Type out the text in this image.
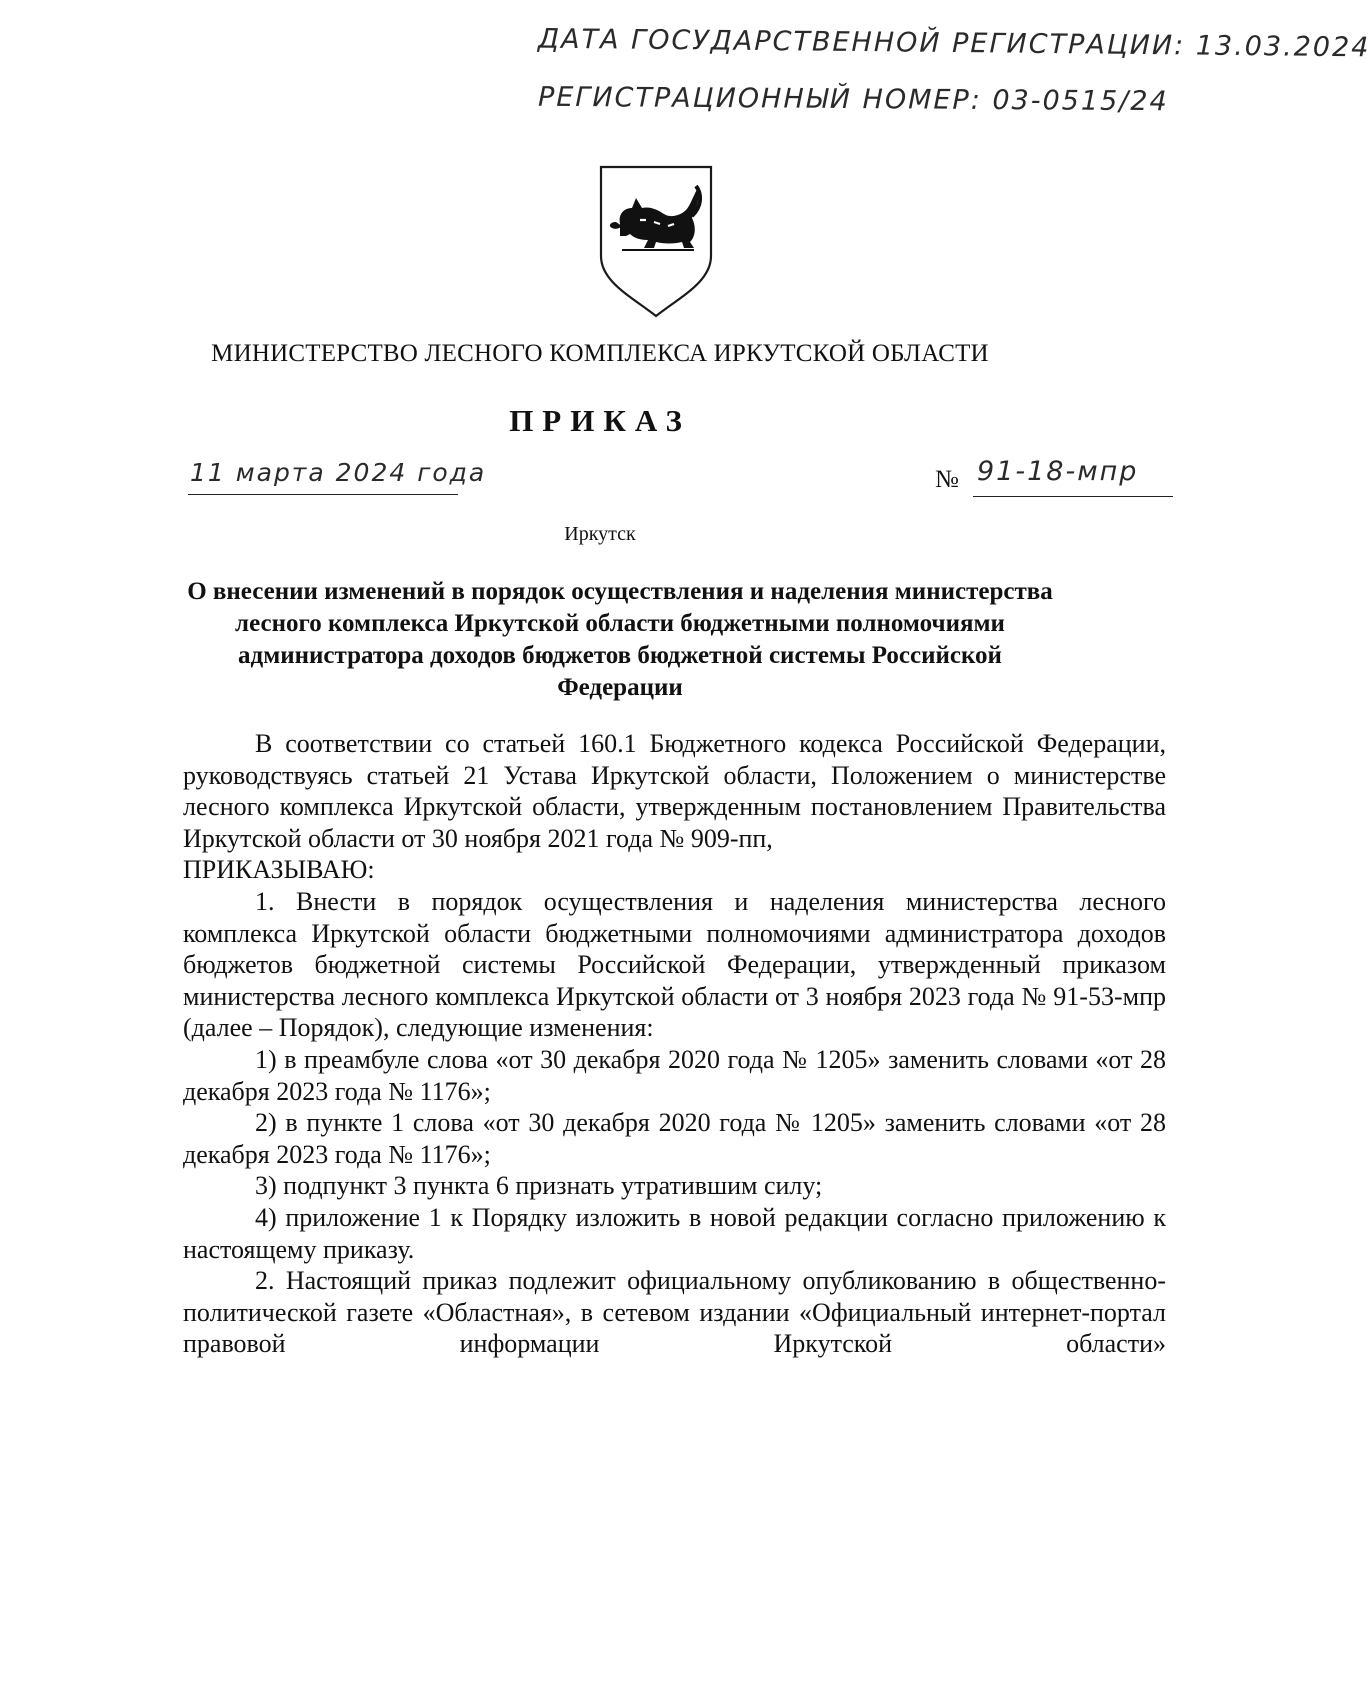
ДАТА ГОСУДАРСТВЕННОЙ РЕГИСТРАЦИИ: 13.03.2024
РЕГИСТРАЦИОННЫЙ НОМЕР: 03-0515/24
МИНИСТЕРСТВО ЛЕСНОГО КОМПЛЕКСА ИРКУТСКОЙ ОБЛАСТИ
ПРИКАЗ
11 марта 2024 года	№ 91-18-мпр
Иркутск
О внесении изменений в порядок осуществления и наделения министерства лесного комплекса Иркутской области бюджетными полномочиями администратора доходов бюджетов бюджетной системы Российской Федерации

В соответствии со статьей 160.1 Бюджетного кодекса Российской Федерации, руководствуясь статьей 21 Устава Иркутской области, Положением о министерстве лесного комплекса Иркутской области, утвержденным постановлением Правительства Иркутской области от 30 ноября 2021 года № 909-пп,

ПРИКАЗЫВАЮ:

1. Внести в порядок осуществления и наделения министерства лесного комплекса Иркутской области бюджетными полномочиями администратора доходов бюджетов бюджетной системы Российской Федерации, утвержденный приказом министерства лесного комплекса Иркутской области от 3 ноября 2023 года № 91-53-мпр (далее – Порядок), следующие изменения:

1) в преамбуле слова «от 30 декабря 2020 года № 1205» заменить словами «от 28 декабря 2023 года № 1176»;

2) в пункте 1 слова «от 30 декабря 2020 года № 1205» заменить словами «от 28 декабря 2023 года № 1176»;

3) подпункт 3 пункта 6 признать утратившим силу;

4) приложение 1 к Порядку изложить в новой редакции согласно приложению к настоящему приказу.

2. Настоящий приказ подлежит официальному опубликованию в общественно-политической газете «Областная», в сетевом издании «Официальный интернет-портал правовой информации Иркутской области»
